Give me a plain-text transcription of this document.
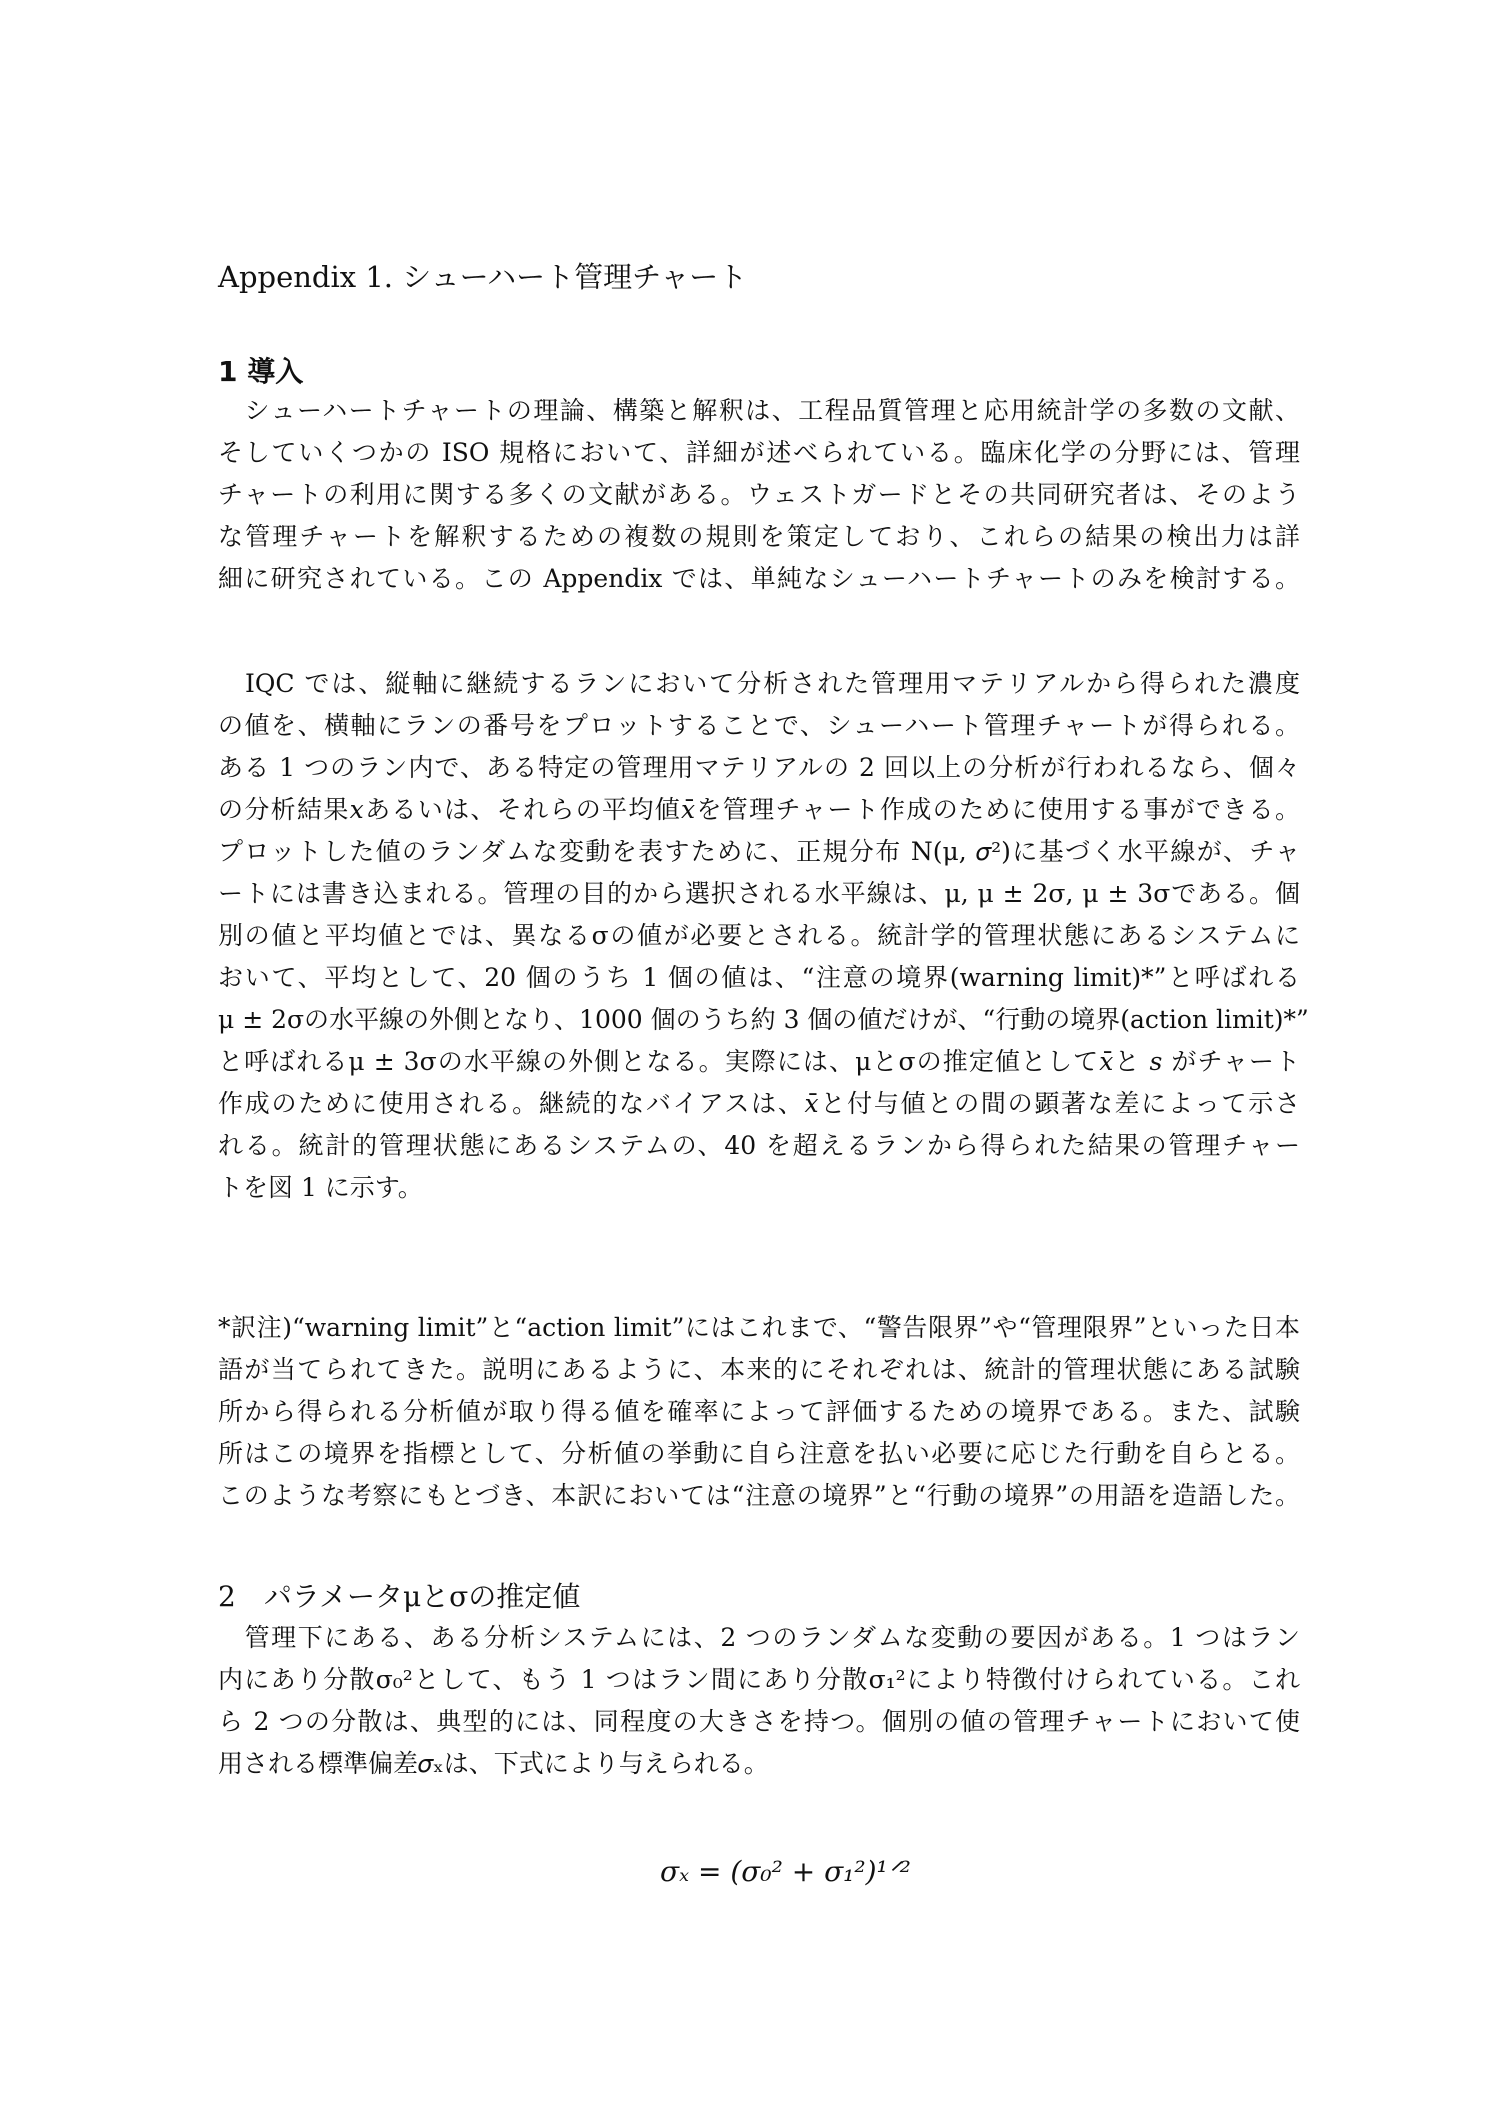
Appendix 1. シューハート管理チャート
1 導入
　シューハートチャートの理論、構築と解釈は、工程品質管理と応用統計学の多数の文献、
そしていくつかの ISO 規格において、詳細が述べられている。臨床化学の分野には、管理
チャートの利用に関する多くの文献がある。ウェストガードとその共同研究者は、そのよう
な管理チャートを解釈するための複数の規則を策定しており、これらの結果の検出力は詳
細に研究されている。この Appendix では、単純なシューハートチャートのみを検討する。
　IQC では、縦軸に継続するランにおいて分析された管理用マテリアルから得られた濃度
の値を、横軸にランの番号をプロットすることで、シューハート管理チャートが得られる。
ある 1 つのラン内で、ある特定の管理用マテリアルの 2 回以上の分析が行われるなら、個々
の分析結果𝑥あるいは、それらの平均値𝑥̄を管理チャート作成のために使用する事ができる。
プロットした値のランダムな変動を表すために、正規分布 N(μ, 𝜎²)に基づく水平線が、チャ
ートには書き込まれる。管理の目的から選択される水平線は、μ, μ ± 2σ, μ ± 3σである。個
別の値と平均値とでは、異なるσの値が必要とされる。統計学的管理状態にあるシステムに
おいて、平均として、20 個のうち 1 個の値は、“注意の境界(warning limit)*”と呼ばれる
μ ± 2σの水平線の外側となり、1000 個のうち約 3 個の値だけが、“行動の境界(action limit)*”
と呼ばれるμ ± 3σの水平線の外側となる。実際には、μとσの推定値として𝑥̄と 𝑠 がチャート
作成のために使用される。継続的なバイアスは、𝑥̄と付与値との間の顕著な差によって示さ
れる。統計的管理状態にあるシステムの、40 を超えるランから得られた結果の管理チャー
トを図 1 に示す。
*訳注)“warning limit”と“action limit”にはこれまで、“警告限界”や“管理限界”といった日本
語が当てられてきた。説明にあるように、本来的にそれぞれは、統計的管理状態にある試験
所から得られる分析値が取り得る値を確率によって評価するための境界である。また、試験
所はこの境界を指標として、分析値の挙動に自ら注意を払い必要に応じた行動を自らとる。
このような考察にもとづき、本訳においては“注意の境界”と“行動の境界”の用語を造語した。
2　パラメータμとσの推定値
　管理下にある、ある分析システムには、2 つのランダムな変動の要因がある。1 つはラン
内にあり分散σ₀²として、もう 1 つはラン間にあり分散σ₁²により特徴付けられている。これ
ら 2 つの分散は、典型的には、同程度の大きさを持つ。個別の値の管理チャートにおいて使
用される標準偏差𝜎ₓは、下式により与えられる。
𝜎ₓ = (𝜎₀² + 𝜎₁²)¹ᐟ²
